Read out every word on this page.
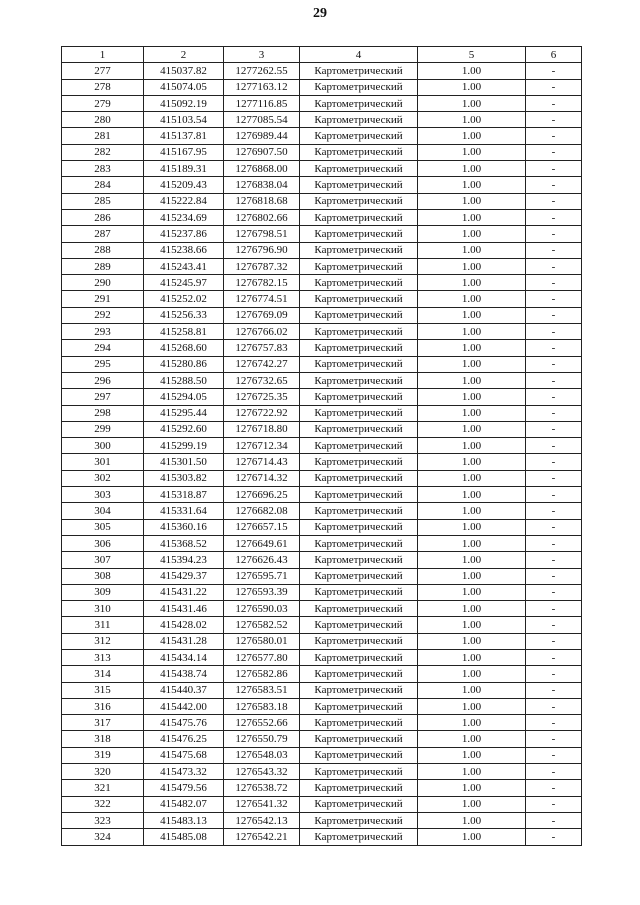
29
1	2	3	4	5	6
277	415037.82	1277262.55	Картометрический	1.00	-
278	415074.05	1277163.12	Картометрический	1.00	-
279	415092.19	1277116.85	Картометрический	1.00	-
280	415103.54	1277085.54	Картометрический	1.00	-
281	415137.81	1276989.44	Картометрический	1.00	-
282	415167.95	1276907.50	Картометрический	1.00	-
283	415189.31	1276868.00	Картометрический	1.00	-
284	415209.43	1276838.04	Картометрический	1.00	-
285	415222.84	1276818.68	Картометрический	1.00	-
286	415234.69	1276802.66	Картометрический	1.00	-
287	415237.86	1276798.51	Картометрический	1.00	-
288	415238.66	1276796.90	Картометрический	1.00	-
289	415243.41	1276787.32	Картометрический	1.00	-
290	415245.97	1276782.15	Картометрический	1.00	-
291	415252.02	1276774.51	Картометрический	1.00	-
292	415256.33	1276769.09	Картометрический	1.00	-
293	415258.81	1276766.02	Картометрический	1.00	-
294	415268.60	1276757.83	Картометрический	1.00	-
295	415280.86	1276742.27	Картометрический	1.00	-
296	415288.50	1276732.65	Картометрический	1.00	-
297	415294.05	1276725.35	Картометрический	1.00	-
298	415295.44	1276722.92	Картометрический	1.00	-
299	415292.60	1276718.80	Картометрический	1.00	-
300	415299.19	1276712.34	Картометрический	1.00	-
301	415301.50	1276714.43	Картометрический	1.00	-
302	415303.82	1276714.32	Картометрический	1.00	-
303	415318.87	1276696.25	Картометрический	1.00	-
304	415331.64	1276682.08	Картометрический	1.00	-
305	415360.16	1276657.15	Картометрический	1.00	-
306	415368.52	1276649.61	Картометрический	1.00	-
307	415394.23	1276626.43	Картометрический	1.00	-
308	415429.37	1276595.71	Картометрический	1.00	-
309	415431.22	1276593.39	Картометрический	1.00	-
310	415431.46	1276590.03	Картометрический	1.00	-
311	415428.02	1276582.52	Картометрический	1.00	-
312	415431.28	1276580.01	Картометрический	1.00	-
313	415434.14	1276577.80	Картометрический	1.00	-
314	415438.74	1276582.86	Картометрический	1.00	-
315	415440.37	1276583.51	Картометрический	1.00	-
316	415442.00	1276583.18	Картометрический	1.00	-
317	415475.76	1276552.66	Картометрический	1.00	-
318	415476.25	1276550.79	Картометрический	1.00	-
319	415475.68	1276548.03	Картометрический	1.00	-
320	415473.32	1276543.32	Картометрический	1.00	-
321	415479.56	1276538.72	Картометрический	1.00	-
322	415482.07	1276541.32	Картометрический	1.00	-
323	415483.13	1276542.13	Картометрический	1.00	-
324	415485.08	1276542.21	Картометрический	1.00	-
